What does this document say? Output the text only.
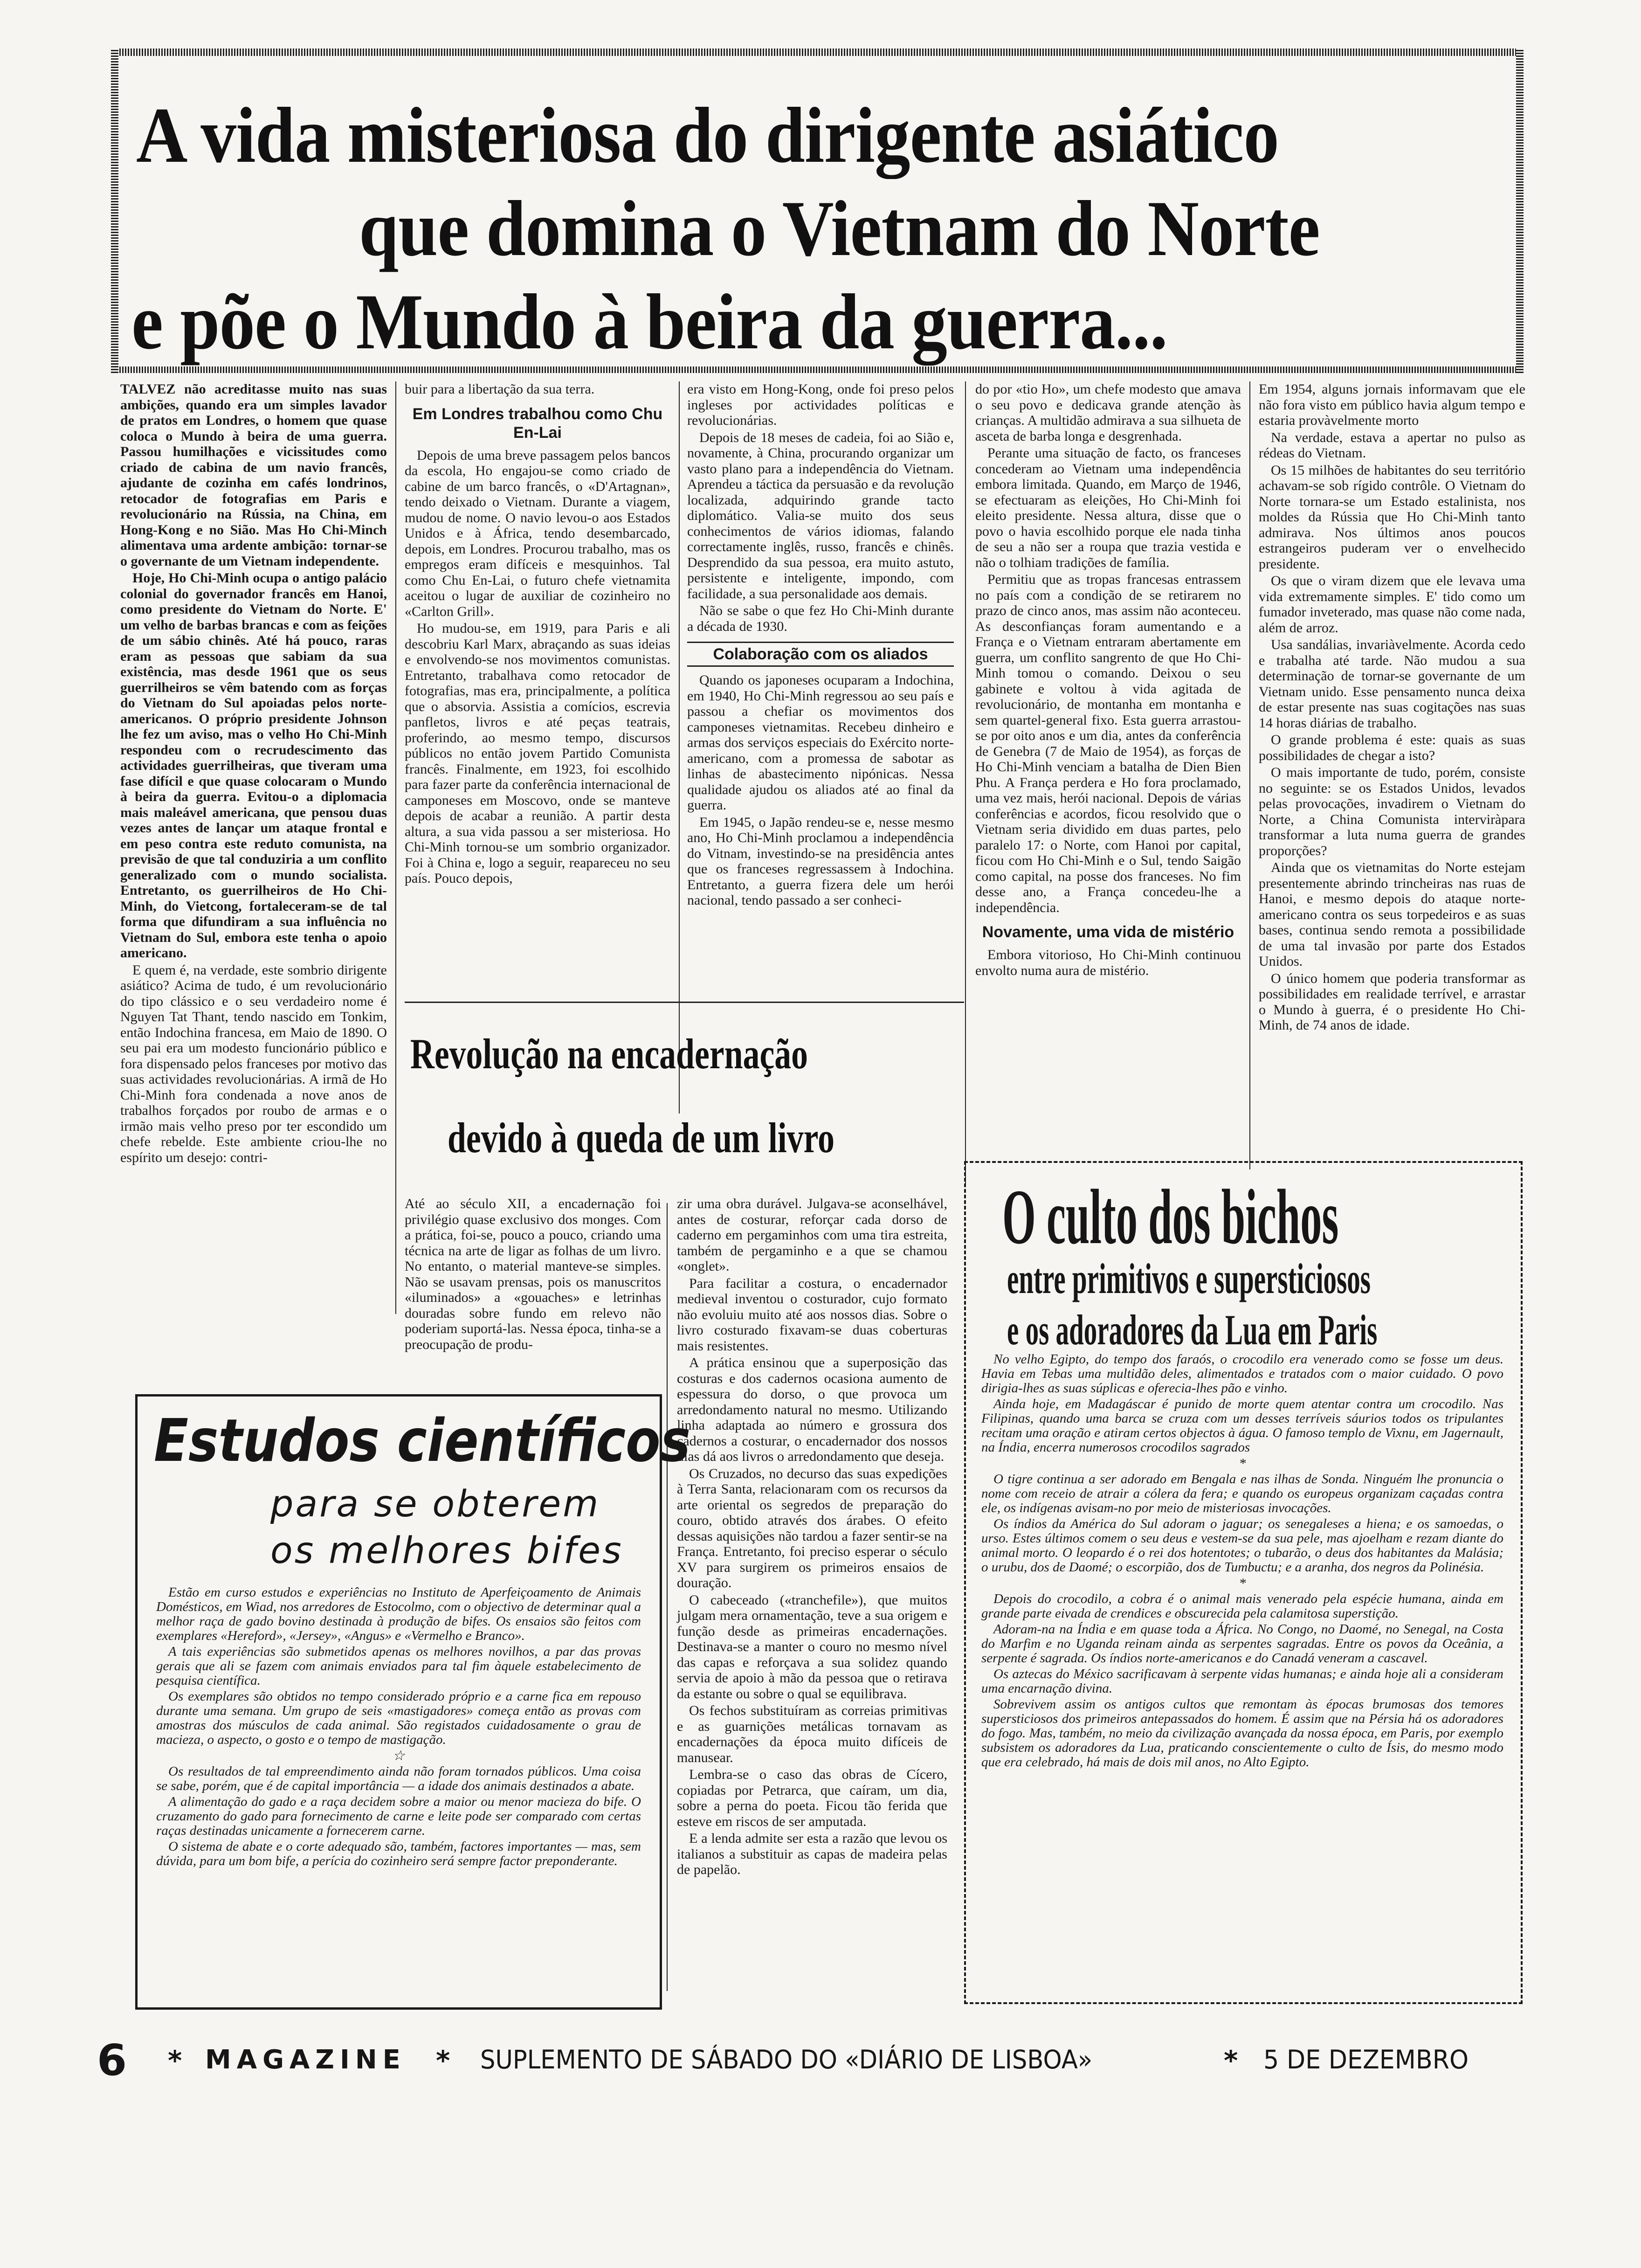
A vida misteriosa do dirigente asiático
que domina o Vietnam do Norte
e põe o Mundo à beira da guerra...

TALVEZ não acreditasse muito nas suas ambições, quando era um simples lavador de pratos em Londres, o homem que quase coloca o Mundo à beira de uma guerra. Passou humilhações e vicissitudes como criado de cabina de um navio francês, ajudante de cozinha em cafés londrinos, retocador de fotografias em Paris e revolucionário na Rússia, na China, em Hong-Kong e no Sião. Mas Ho Chi-Minch alimentava uma ardente ambição: tornar-se o governante de um Vietnam independente.

Hoje, Ho Chi-Minh ocupa o antigo palácio colonial do governador francês em Hanoi, como presidente do Vietnam do Norte. E' um velho de barbas brancas e com as feições de um sábio chinês. Até há pouco, raras eram as pessoas que sabiam da sua existência, mas desde 1961 que os seus guerrilheiros se vêm batendo com as forças do Vietnam do Sul apoiadas pelos norte-americanos. O próprio presidente Johnson lhe fez um aviso, mas o velho Ho Chi-Minh respondeu com o recrudescimento das actividades guerrilheiras, que tiveram uma fase difícil e que quase colocaram o Mundo à beira da guerra. Evitou-o a diplomacia mais maleável americana, que pensou duas vezes antes de lançar um ataque frontal e em peso contra este reduto comunista, na previsão de que tal conduziria a um conflito generalizado com o mundo socialista. Entretanto, os guerrilheiros de Ho Chi-Minh, do Vietcong, fortaleceram-se de tal forma que difundiram a sua influência no Vietnam do Sul, embora este tenha o apoio americano.

E quem é, na verdade, este sombrio dirigente asiático? Acima de tudo, é um revolucionário do tipo clássico e o seu verdadeiro nome é Nguyen Tat Thant, tendo nascido em Tonkim, então Indochina francesa, em Maio de 1890. O seu pai era um modesto funcionário público e fora dispensado pelos franceses por motivo das suas actividades revolucionárias. A irmã de Ho Chi-Minh fora condenada a nove anos de trabalhos forçados por roubo de armas e o irmão mais velho preso por ter escondido um chefe rebelde. Este ambiente criou-lhe no espírito um desejo: contri-

buir para a libertação da sua terra.

Em Londres trabalhou como Chu En-Lai

Depois de uma breve passagem pelos bancos da escola, Ho engajou-se como criado de cabine de um barco francês, o «D'Artagnan», tendo deixado o Vietnam. Durante a viagem, mudou de nome. O navio levou-o aos Estados Unidos e à África, tendo desembarcado, depois, em Londres. Procurou trabalho, mas os empregos eram difíceis e mesquinhos. Tal como Chu En-Lai, o futuro chefe vietnamita aceitou o lugar de auxiliar de cozinheiro no «Carlton Grill».

Ho mudou-se, em 1919, para Paris e ali descobriu Karl Marx, abraçando as suas ideias e envolvendo-se nos movimentos comunistas. Entretanto, trabalhava como retocador de fotografias, mas era, principalmente, a política que o absorvia. Assistia a comícios, escrevia panfletos, livros e até peças teatrais, proferindo, ao mesmo tempo, discursos públicos no então jovem Partido Comunista francês. Finalmente, em 1923, foi escolhido para fazer parte da conferência internacional de camponeses em Moscovo, onde se manteve depois de acabar a reunião. A partir desta altura, a sua vida passou a ser misteriosa. Ho Chi-Minh tornou-se um sombrio organizador. Foi à China e, logo a seguir, reapareceu no seu país. Pouco depois,

era visto em Hong-Kong, onde foi preso pelos ingleses por actividades políticas e revolucionárias.

Depois de 18 meses de cadeia, foi ao Sião e, novamente, à China, procurando organizar um vasto plano para a independência do Vietnam. Aprendeu a táctica da persuasão e da revolução localizada, adquirindo grande tacto diplomático. Valia-se muito dos seus conhecimentos de vários idiomas, falando correctamente inglês, russo, francês e chinês. Desprendido da sua pessoa, era muito astuto, persistente e inteligente, impondo, com facilidade, a sua personalidade aos demais.

Não se sabe o que fez Ho Chi-Minh durante a década de 1930.

Colaboração com os aliados

Quando os japoneses ocuparam a Indochina, em 1940, Ho Chi-Minh regressou ao seu país e passou a chefiar os movimentos dos camponeses vietnamitas. Recebeu dinheiro e armas dos serviços especiais do Exército norte-americano, com a promessa de sabotar as linhas de abastecimento nipónicas. Nessa qualidade ajudou os aliados até ao final da guerra.

Em 1945, o Japão rendeu-se e, nesse mesmo ano, Ho Chi-Minh proclamou a independência do Vitnam, investindo-se na presidência antes que os franceses regressassem à Indochina. Entretanto, a guerra fizera dele um herói nacional, tendo passado a ser conheci-

do por «tio Ho», um chefe modesto que amava o seu povo e dedicava grande atenção às crianças. A multidão admirava a sua silhueta de asceta de barba longa e desgrenhada.

Perante uma situação de facto, os franceses concederam ao Vietnam uma independência embora limitada. Quando, em Março de 1946, se efectuaram as eleições, Ho Chi-Minh foi eleito presidente. Nessa altura, disse que o povo o havia escolhido porque ele nada tinha de seu a não ser a roupa que trazia vestida e não o tolhiam tradições de família.

Permitiu que as tropas francesas entrassem no país com a condição de se retirarem no prazo de cinco anos, mas assim não aconteceu. As desconfianças foram aumentando e a França e o Vietnam entraram abertamente em guerra, um conflito sangrento de que Ho Chi-Minh tomou o comando. Deixou o seu gabinete e voltou à vida agitada de revolucionário, de montanha em montanha e sem quartel-general fixo. Esta guerra arrastou-se por oito anos e um dia, antes da conferência de Genebra (7 de Maio de 1954), as forças de Ho Chi-Minh venciam a batalha de Dien Bien Phu. A França perdera e Ho fora proclamado, uma vez mais, herói nacional. Depois de várias conferências e acordos, ficou resolvido que o Vietnam seria dividido em duas partes, pelo paralelo 17: o Norte, com Hanoi por capital, ficou com Ho Chi-Minh e o Sul, tendo Saigão como capital, na posse dos franceses. No fim desse ano, a França concedeu-lhe a independência.

Novamente, uma vida de mistério

Embora vitorioso, Ho Chi-Minh continuou envolto numa aura de mistério.

Em 1954, alguns jornais informavam que ele não fora visto em público havia algum tempo e estaria provàvelmente morto

Na verdade, estava a apertar no pulso as rédeas do Vietnam.

Os 15 milhões de habitantes do seu território achavam-se sob rígido contrôle. O Vietnam do Norte tornara-se um Estado estalinista, nos moldes da Rússia que Ho Chi-Minh tanto admirava. Nos últimos anos poucos estrangeiros puderam ver o envelhecido presidente.

Os que o viram dizem que ele levava uma vida extremamente simples. E' tido como um fumador inveterado, mas quase não come nada, além de arroz.

Usa sandálias, invariàvelmente. Acorda cedo e trabalha até tarde. Não mudou a sua determinação de tornar-se governante de um Vietnam unido. Esse pensamento nunca deixa de estar presente nas suas cogitações nas suas 14 horas diárias de trabalho.

O grande problema é este: quais as suas possibilidades de chegar a isto?

O mais importante de tudo, porém, consiste no seguinte: se os Estados Unidos, levados pelas provocações, invadirem o Vietnam do Norte, a China Comunista interviràpara transformar a luta numa guerra de grandes proporções?

Ainda que os vietnamitas do Norte estejam presentemente abrindo trincheiras nas ruas de Hanoi, e mesmo depois do ataque norte-americano contra os seus torpedeiros e as suas bases, continua sendo remota a possibilidade de uma tal invasão por parte dos Estados Unidos.

O único homem que poderia transformar as possibilidades em realidade terrível, e arrastar o Mundo à guerra, é o presidente Ho Chi-Minh, de 74 anos de idade.

Revolução na encadernação
devido à queda de um livro

Até ao século XII, a encadernação foi privilégio quase exclusivo dos monges. Com a prática, foi-se, pouco a pouco, criando uma técnica na arte de ligar as folhas de um livro. No entanto, o material manteve-se simples. Não se usavam prensas, pois os manuscritos «iluminados» a «gouaches» e letrinhas douradas sobre fundo em relevo não poderiam suportá-las. Nessa época, tinha-se a preocupação de produ-

zir uma obra durável. Julgava-se aconselhável, antes de costurar, reforçar cada dorso de caderno em pergaminhos com uma tira estreita, também de pergaminho e a que se chamou «onglet».

Para facilitar a costura, o encadernador medieval inventou o costurador, cujo formato não evoluiu muito até aos nossos dias. Sobre o livro costurado fixavam-se duas coberturas mais resistentes.

A prática ensinou que a superposição das costuras e dos cadernos ocasiona aumento de espessura do dorso, o que provoca um arredondamento natural no mesmo. Utilizando linha adaptada ao número e grossura dos cadernos a costurar, o encadernador dos nossos dias dá aos livros o arredondamento que deseja.

Os Cruzados, no decurso das suas expedições à Terra Santa, relacionaram com os recursos da arte oriental os segredos de preparação do couro, obtido através dos árabes. O efeito dessas aquisições não tardou a fazer sentir-se na França. Entretanto, foi preciso esperar o século XV para surgirem os primeiros ensaios de douração.

O cabeceado («tranchefile»), que muitos julgam mera ornamentação, teve a sua origem e função desde as primeiras encadernações. Destinava-se a manter o couro no mesmo nível das capas e reforçava a sua solidez quando servia de apoio à mão da pessoa que o retirava da estante ou sobre o qual se equilibrava.

Os fechos substituíram as correias primitivas e as guarnições metálicas tornavam as encadernações da época muito difíceis de manusear.

Lembra-se o caso das obras de Cícero, copiadas por Petrarca, que caíram, um dia, sobre a perna do poeta. Ficou tão ferida que esteve em riscos de ser amputada.

E a lenda admite ser esta a razão que levou os italianos a substituir as capas de madeira pelas de papelão.

Estudos científicos
para se obterem
os melhores bifes

Estão em curso estudos e experiências no Instituto de Aperfeiçoamento de Animais Domésticos, em Wiad, nos arredores de Estocolmo, com o objectivo de determinar qual a melhor raça de gado bovino destinada à produção de bifes. Os ensaios são feitos com exemplares «Hereford», «Jersey», «Angus» e «Vermelho e Branco».

A tais experiências são submetidos apenas os melhores novilhos, a par das provas gerais que ali se fazem com animais enviados para tal fim àquele estabelecimento de pesquisa científica.

Os exemplares são obtidos no tempo considerado próprio e a carne fica em repouso durante uma semana. Um grupo de seis «mastigadores» começa então as provas com amostras dos músculos de cada animal. São registados cuidadosamente o grau de macieza, o aspecto, o gosto e o tempo de mastigação.

☆

Os resultados de tal empreendimento ainda não foram tornados públicos. Uma coisa se sabe, porém, que é de capital importância — a idade dos animais destinados a abate.

A alimentação do gado e a raça decidem sobre a maior ou menor macieza do bife. O cruzamento do gado para fornecimento de carne e leite pode ser comparado com certas raças destinadas unicamente a fornecerem carne.

O sistema de abate e o corte adequado são, também, factores importantes — mas, sem dúvida, para um bom bife, a perícia do cozinheiro será sempre factor preponderante.

O culto dos bichos
entre primitivos e supersticiosos
e os adoradores da Lua em Paris

No velho Egipto, do tempo dos faraós, o crocodilo era venerado como se fosse um deus. Havia em Tebas uma multidão deles, alimentados e tratados com o maior cuidado. O povo dirigia-lhes as suas súplicas e oferecia-lhes pão e vinho.

Ainda hoje, em Madagáscar é punido de morte quem atentar contra um crocodilo. Nas Filipinas, quando uma barca se cruza com um desses terríveis sáurios todos os tripulantes recitam uma oração e atiram certos objectos à água. O famoso templo de Vixnu, em Jagernault, na Índia, encerra numerosos crocodilos sagrados

*

O tigre continua a ser adorado em Bengala e nas ilhas de Sonda. Ninguém lhe pronuncia o nome com receio de atrair a cólera da fera; e quando os europeus organizam caçadas contra ele, os indígenas avisam-no por meio de misteriosas invocações.

Os índios da América do Sul adoram o jaguar; os senegaleses a hiena; e os samoedas, o urso. Estes últimos comem o seu deus e vestem-se da sua pele, mas ajoelham e rezam diante do animal morto. O leopardo é o rei dos hotentotes; o tubarão, o deus dos habitantes da Malásia; o urubu, dos de Daomé; o escorpião, dos de Tumbuctu; e a aranha, dos negros da Polinésia.

*

Depois do crocodilo, a cobra é o animal mais venerado pela espécie humana, ainda em grande parte eivada de crendices e obscurecida pela calamitosa superstição.

Adoram-na na Índia e em quase toda a África. No Congo, no Daomé, no Senegal, na Costa do Marfim e no Uganda reinam ainda as serpentes sagradas. Entre os povos da Oceânia, a serpente é sagrada. Os índios norte-americanos e do Canadá veneram a cascavel.

Os aztecas do México sacrificavam à serpente vidas humanas; e ainda hoje ali a consideram uma encarnação divina.

Sobrevivem assim os antigos cultos que remontam às épocas brumosas dos temores supersticiosos dos primeiros antepassados do homem. É assim que na Pérsia há os adoradores do fogo. Mas, também, no meio da civilização avançada da nossa época, em Paris, por exemplo subsistem os adoradores da Lua, praticando conscientemente o culto de Ísis, do mesmo modo que era celebrado, há mais de dois mil anos, no Alto Egipto.

6 * MAGAZINE * SUPLEMENTO DE SÁBADO DO «DIÁRIO DE LISBOA»	* 5 DE DEZEMBRO
